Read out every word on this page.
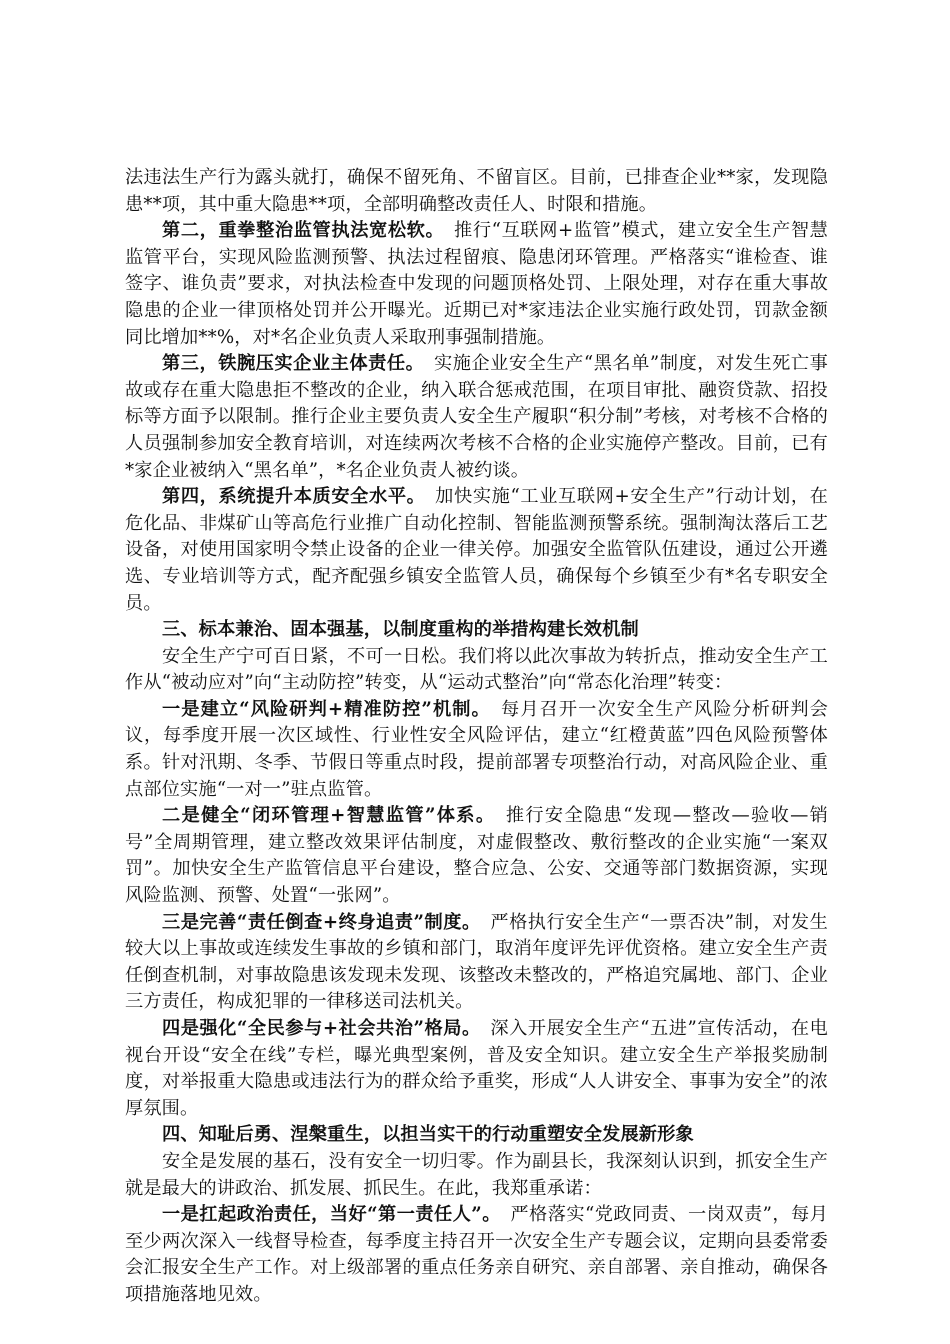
法违法生产行为露头就打，确保不留死角、不留盲区。目前，已排查企业**家，发现隐患**项，其中重大隐患**项，全部明确整改责任人、时限和措施。

第二，重拳整治监管执法宽松软。　推行“互联网+监管”模式，建立安全生产智慧监管平台，实现风险监测预警、执法过程留痕、隐患闭环管理。严格落实“谁检查、谁签字、谁负责”要求，对执法检查中发现的问题顶格处罚、上限处理，对存在重大事故隐患的企业一律顶格处罚并公开曝光。近期已对*家违法企业实施行政处罚，罚款金额同比增加**%，对*名企业负责人采取刑事强制措施。

第三，铁腕压实企业主体责任。　实施企业安全生产“黑名单”制度，对发生死亡事故或存在重大隐患拒不整改的企业，纳入联合惩戒范围，在项目审批、融资贷款、招投标等方面予以限制。推行企业主要负责人安全生产履职“积分制”考核，对考核不合格的人员强制参加安全教育培训，对连续两次考核不合格的企业实施停产整改。目前，已有*家企业被纳入“黑名单”，*名企业负责人被约谈。

第四，系统提升本质安全水平。　加快实施“工业互联网+安全生产”行动计划，在危化品、非煤矿山等高危行业推广自动化控制、智能监测预警系统。强制淘汰落后工艺设备，对使用国家明令禁止设备的企业一律关停。加强安全监管队伍建设，通过公开遴选、专业培训等方式，配齐配强乡镇安全监管人员，确保每个乡镇至少有*名专职安全员。

三、标本兼治、固本强基，以制度重构的举措构建长效机制

安全生产宁可百日紧，不可一日松。我们将以此次事故为转折点，推动安全生产工作从“被动应对”向“主动防控”转变，从“运动式整治”向“常态化治理”转变：

一是建立“风险研判+精准防控”机制。　每月召开一次安全生产风险分析研判会议，每季度开展一次区域性、行业性安全风险评估，建立“红橙黄蓝”四色风险预警体系。针对汛期、冬季、节假日等重点时段，提前部署专项整治行动，对高风险企业、重点部位实施“一对一”驻点监管。

二是健全“闭环管理+智慧监管”体系。　推行安全隐患“发现—整改—验收—销号”全周期管理，建立整改效果评估制度，对虚假整改、敷衍整改的企业实施“一案双罚”。加快安全生产监管信息平台建设，整合应急、公安、交通等部门数据资源，实现风险监测、预警、处置“一张网”。

三是完善“责任倒查+终身追责”制度。　严格执行安全生产“一票否决”制，对发生较大以上事故或连续发生事故的乡镇和部门，取消年度评先评优资格。建立安全生产责任倒查机制，对事故隐患该发现未发现、该整改未整改的，严格追究属地、部门、企业三方责任，构成犯罪的一律移送司法机关。

四是强化“全民参与+社会共治”格局。　深入开展安全生产“五进”宣传活动，在电视台开设“安全在线”专栏，曝光典型案例，普及安全知识。建立安全生产举报奖励制度，对举报重大隐患或违法行为的群众给予重奖，形成“人人讲安全、事事为安全”的浓厚氛围。

四、知耻后勇、涅槃重生，以担当实干的行动重塑安全发展新形象

安全是发展的基石，没有安全一切归零。作为副县长，我深刻认识到，抓安全生产就是最大的讲政治、抓发展、抓民生。在此，我郑重承诺：

一是扛起政治责任，当好“第一责任人”。　严格落实“党政同责、一岗双责”，每月至少两次深入一线督导检查，每季度主持召开一次安全生产专题会议，定期向县委常委会汇报安全生产工作。对上级部署的重点任务亲自研究、亲自部署、亲自推动，确保各项措施落地见效。
